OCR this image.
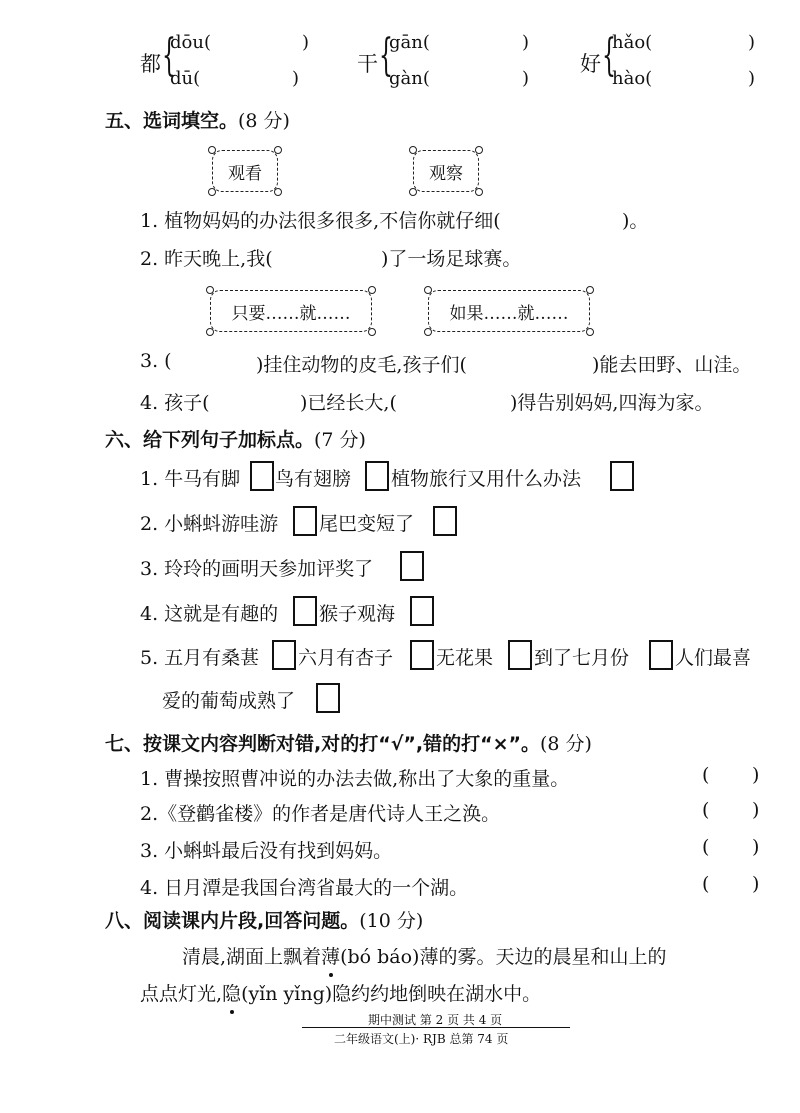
都 {
dōu(	)
dū(	)
干 {
gān(	)
gàn(	)
好 {
hǎo(	)
hào(	)
五、选词填空。(8 分)
观看	观察
1. 植物妈妈的办法很多很多,不信你就仔细(	)。
2. 昨天晚上,我(	)了一场足球赛。
只要……就……	如果……就……
3. (	)挂住动物的皮毛,孩子们(	)能去田野、山洼。
4. 孩子(	)已经长大,(	)得告别妈妈,四海为家。
六、给下列句子加标点。(7 分)
1. 牛马有脚 鸟有翅膀 植物旅行又用什么办法
2. 小蝌蚪游哇游 尾巴变短了
3. 玲玲的画明天参加评奖了
4. 这就是有趣的 猴子观海
5. 五月有桑葚 六月有杏子 无花果 到了七月份 人们最喜
爱的葡萄成熟了
七、按课文内容判断对错,对的打“√”,错的打“×”。(8 分)
1. 曹操按照曹冲说的办法去做,称出了大象的重量。	( )
2.《登鹳雀楼》的作者是唐代诗人王之涣。	( )
3. 小蝌蚪最后没有找到妈妈。	( )
4. 日月潭是我国台湾省最大的一个湖。	( )
八、阅读课内片段,回答问题。(10 分)
清晨,湖面上飘着薄(bó báo)薄的雾。天边的晨星和山上的
点点灯光,隐(yǐn yǐng)隐约约地倒映在湖水中。
期中测试 第 2 页 共 4 页
二年级语文(上)· RJB 总第 74 页
